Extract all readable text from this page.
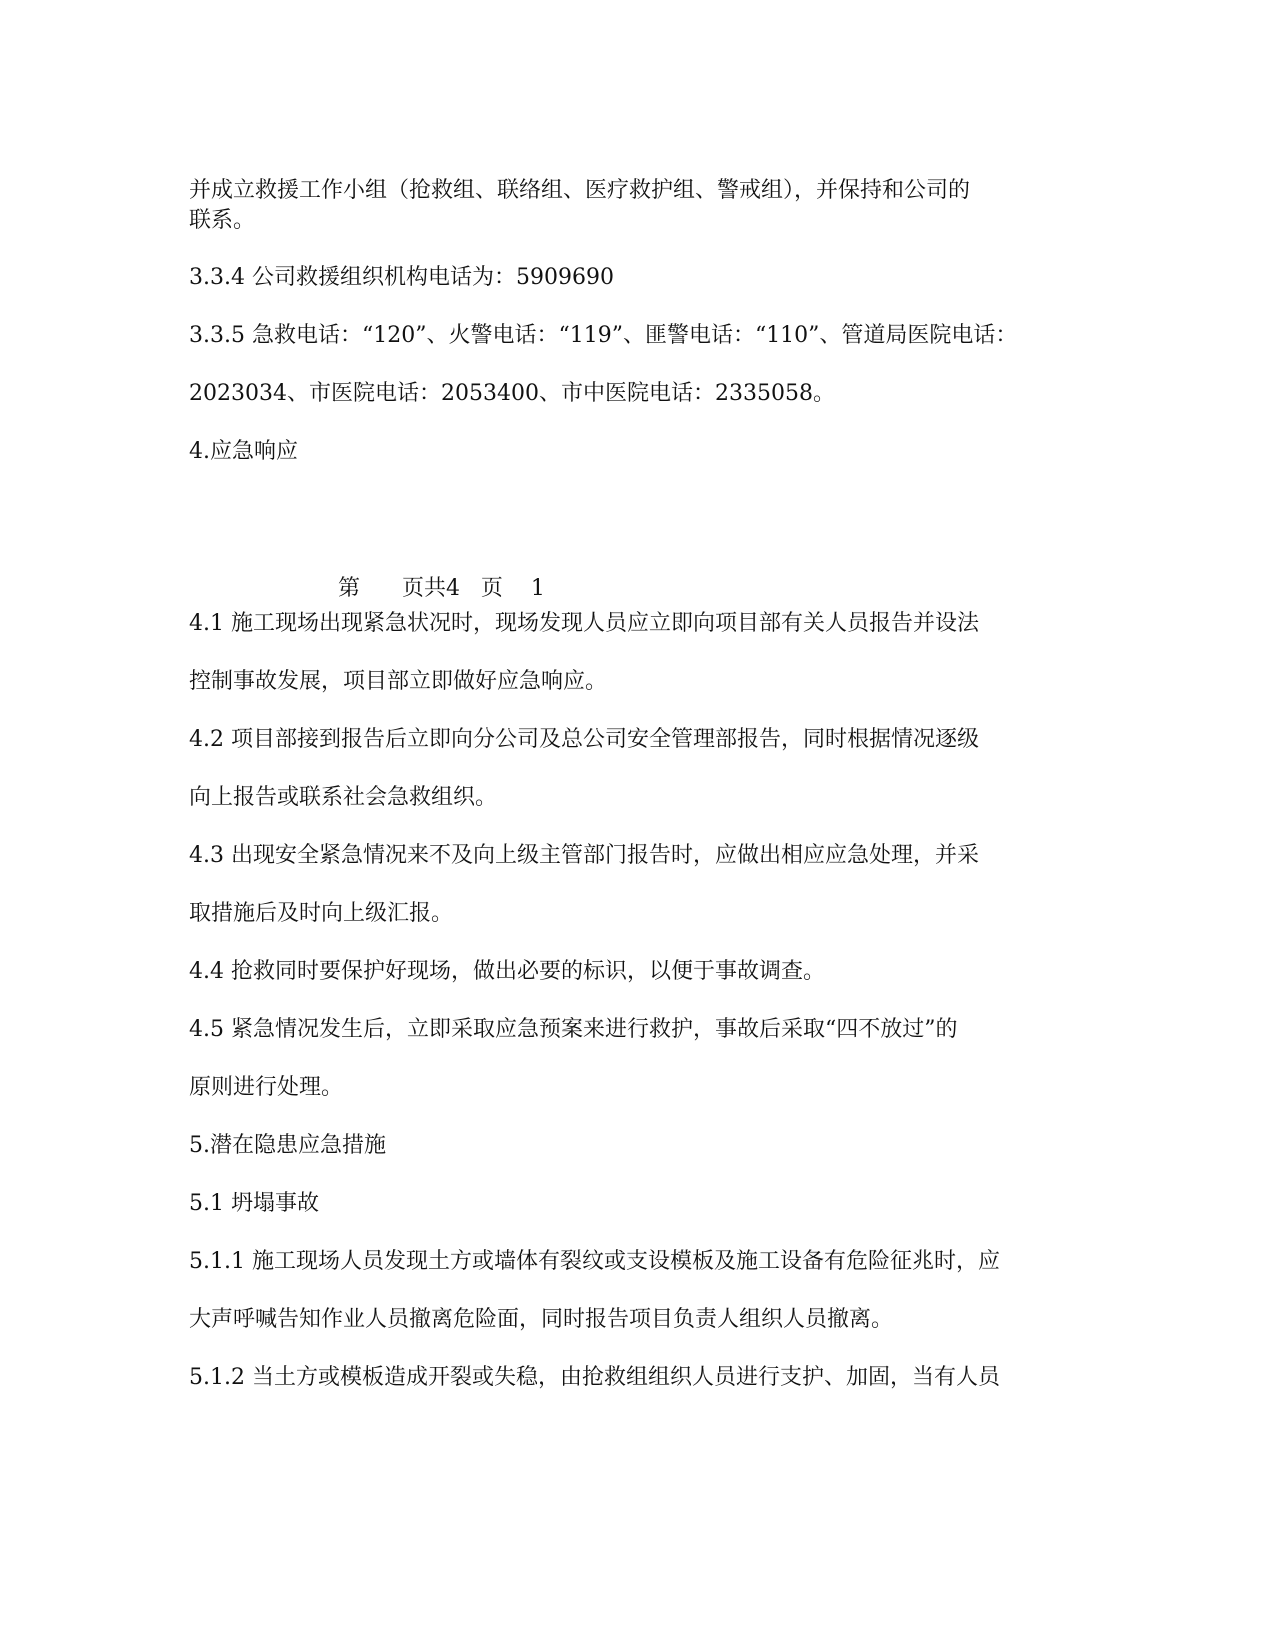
并成立救援工作小组（抢救组、联络组、医疗救护组、警戒组），并保持和公司的
联系。
3.3.4 公司救援组织机构电话为：5909690
3.3.5 急救电话：“120”、火警电话：“119”、匪警电话：“110”、管道局医院电话：
2023034、市医院电话：2053400、市中医院电话：2335058。
4.应急响应
第      页共4   页    1
4.1 施工现场出现紧急状况时，现场发现人员应立即向项目部有关人员报告并设法
控制事故发展，项目部立即做好应急响应。
4.2 项目部接到报告后立即向分公司及总公司安全管理部报告，同时根据情况逐级
向上报告或联系社会急救组织。
4.3 出现安全紧急情况来不及向上级主管部门报告时，应做出相应应急处理，并采
取措施后及时向上级汇报。
4.4 抢救同时要保护好现场，做出必要的标识，以便于事故调查。
4.5 紧急情况发生后，立即采取应急预案来进行救护，事故后采取“四不放过”的
原则进行处理。
5.潜在隐患应急措施
5.1 坍塌事故
5.1.1 施工现场人员发现土方或墙体有裂纹或支设模板及施工设备有危险征兆时，应
大声呼喊告知作业人员撤离危险面，同时报告项目负责人组织人员撤离。
5.1.2 当土方或模板造成开裂或失稳，由抢救组组织人员进行支护、加固，当有人员
